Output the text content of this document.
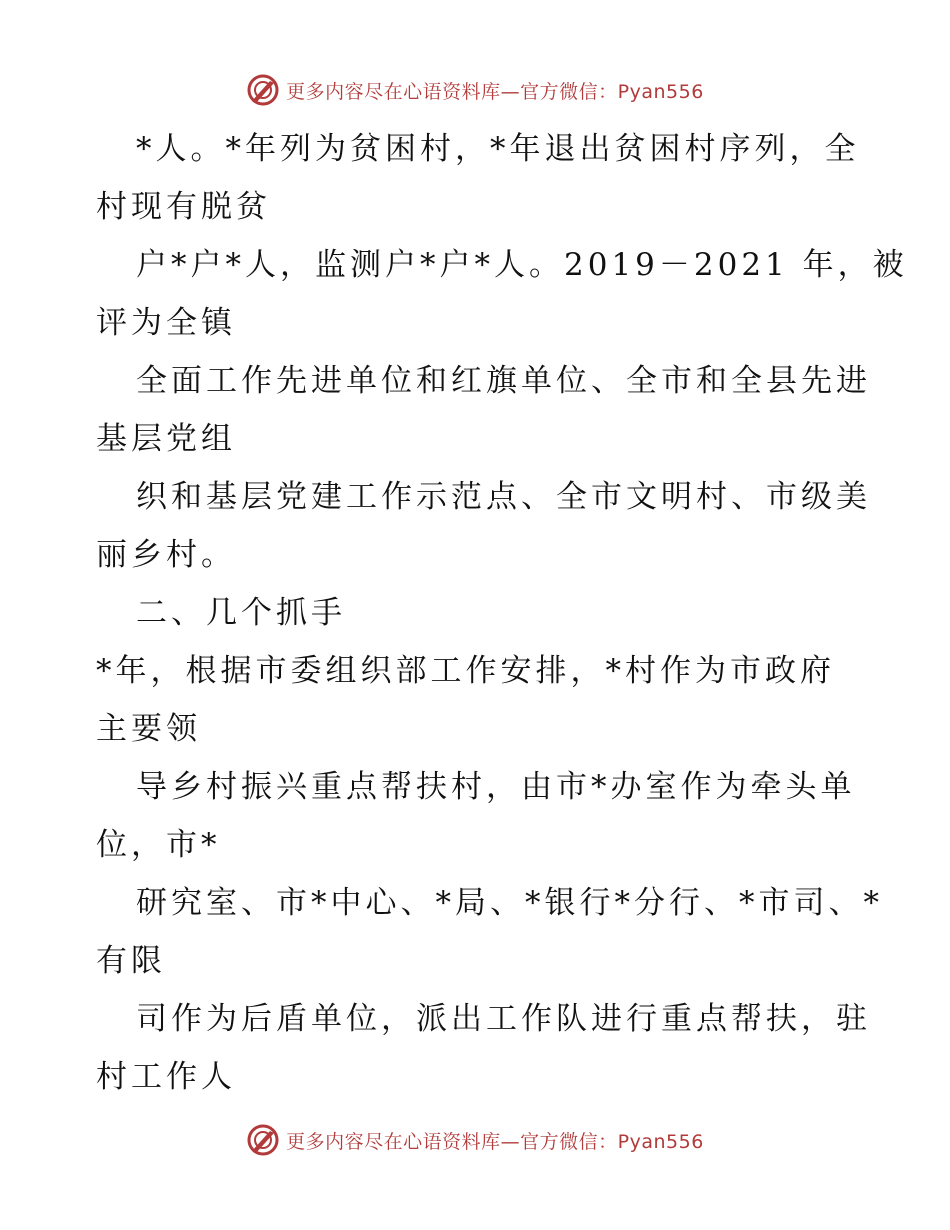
更多内容尽在心语资料库—官方微信：Pyan556
*人。*年列为贫困村，*年退出贫困村序列，全
村现有脱贫
户*户*人，监测户*户*人。2019－2021 年，被
评为全镇
全面工作先进单位和红旗单位、全市和全县先进
基层党组
织和基层党建工作示范点、全市文明村、市级美
丽乡村。
二、几个抓手
*年，根据市委组织部工作安排，*村作为市政府
主要领
导乡村振兴重点帮扶村，由市*办室作为牵头单
位，市*
研究室、市*中心、*局、*银行*分行、*市司、*
有限
司作为后盾单位，派出工作队进行重点帮扶，驻
村工作人
更多内容尽在心语资料库—官方微信：Pyan556
